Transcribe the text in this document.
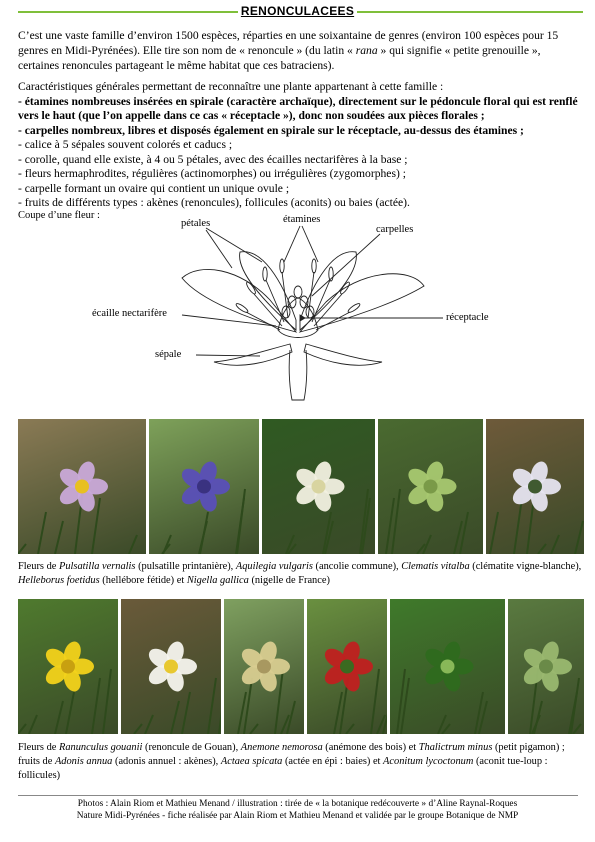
RENONCULACEES
C’est une vaste famille d’environ 1500 espèces, réparties en une soixantaine de genres (environ 100 espèces pour 15 genres en Midi-Pyrénées). Elle tire son nom de « renoncule » (du latin « rana » qui signifie « petite grenouille », certaines renoncules partageant le même habitat que ces batraciens).

Caractéristiques générales permettant de reconnaître une plante appartenant à cette famille :

- étamines nombreuses insérées en spirale (caractère archaïque), directement sur le pédoncule floral qui est renflé vers le haut (que l’on appelle dans ce cas « réceptacle »), donc non soudées aux pièces florales ;

- carpelles nombreux, libres et disposés également en spirale sur le réceptacle, au-dessus des étamines ;

- calice à 5 sépales souvent colorés et caducs ;

- corolle, quand elle existe, à 4 ou 5 pétales, avec des écailles nectarifères à la base ;

- fleurs hermaphrodites, régulières (actinomorphes) ou irrégulières (zygomorphes) ;

- carpelle formant un ovaire qui contient un unique ovule ;

- fruits de différents types : akènes (renoncules), follicules (aconits) ou baies (actée).

Coupe d’une fleur :
pétales	étamines
carpelles
écaille nectarifère	réceptacle
sépale
Fleurs de Pulsatilla vernalis (pulsatille printanière), Aquilegia vulgaris (ancolie commune), Clematis vitalba (clématite vigne-blanche), Helleborus foetidus (hellébore fétide) et Nigella gallica (nigelle de France)
Fleurs de Ranunculus gouanii (renoncule de Gouan), Anemone nemorosa (anémone des bois) et Thalictrum minus (petit pigamon) ; fruits de Adonis annua (adonis annuel : akènes), Actaea spicata (actée en épi : baies) et Aconitum lycoctonum (aconit tue-loup : follicules)
Photos : Alain Riom et Mathieu Menand / illustration : tirée de « la botanique redécouverte » d’Aline Raynal-Roques
Nature Midi-Pyrénées - fiche réalisée par Alain Riom et Mathieu Menand et validée par le groupe Botanique de NMP
